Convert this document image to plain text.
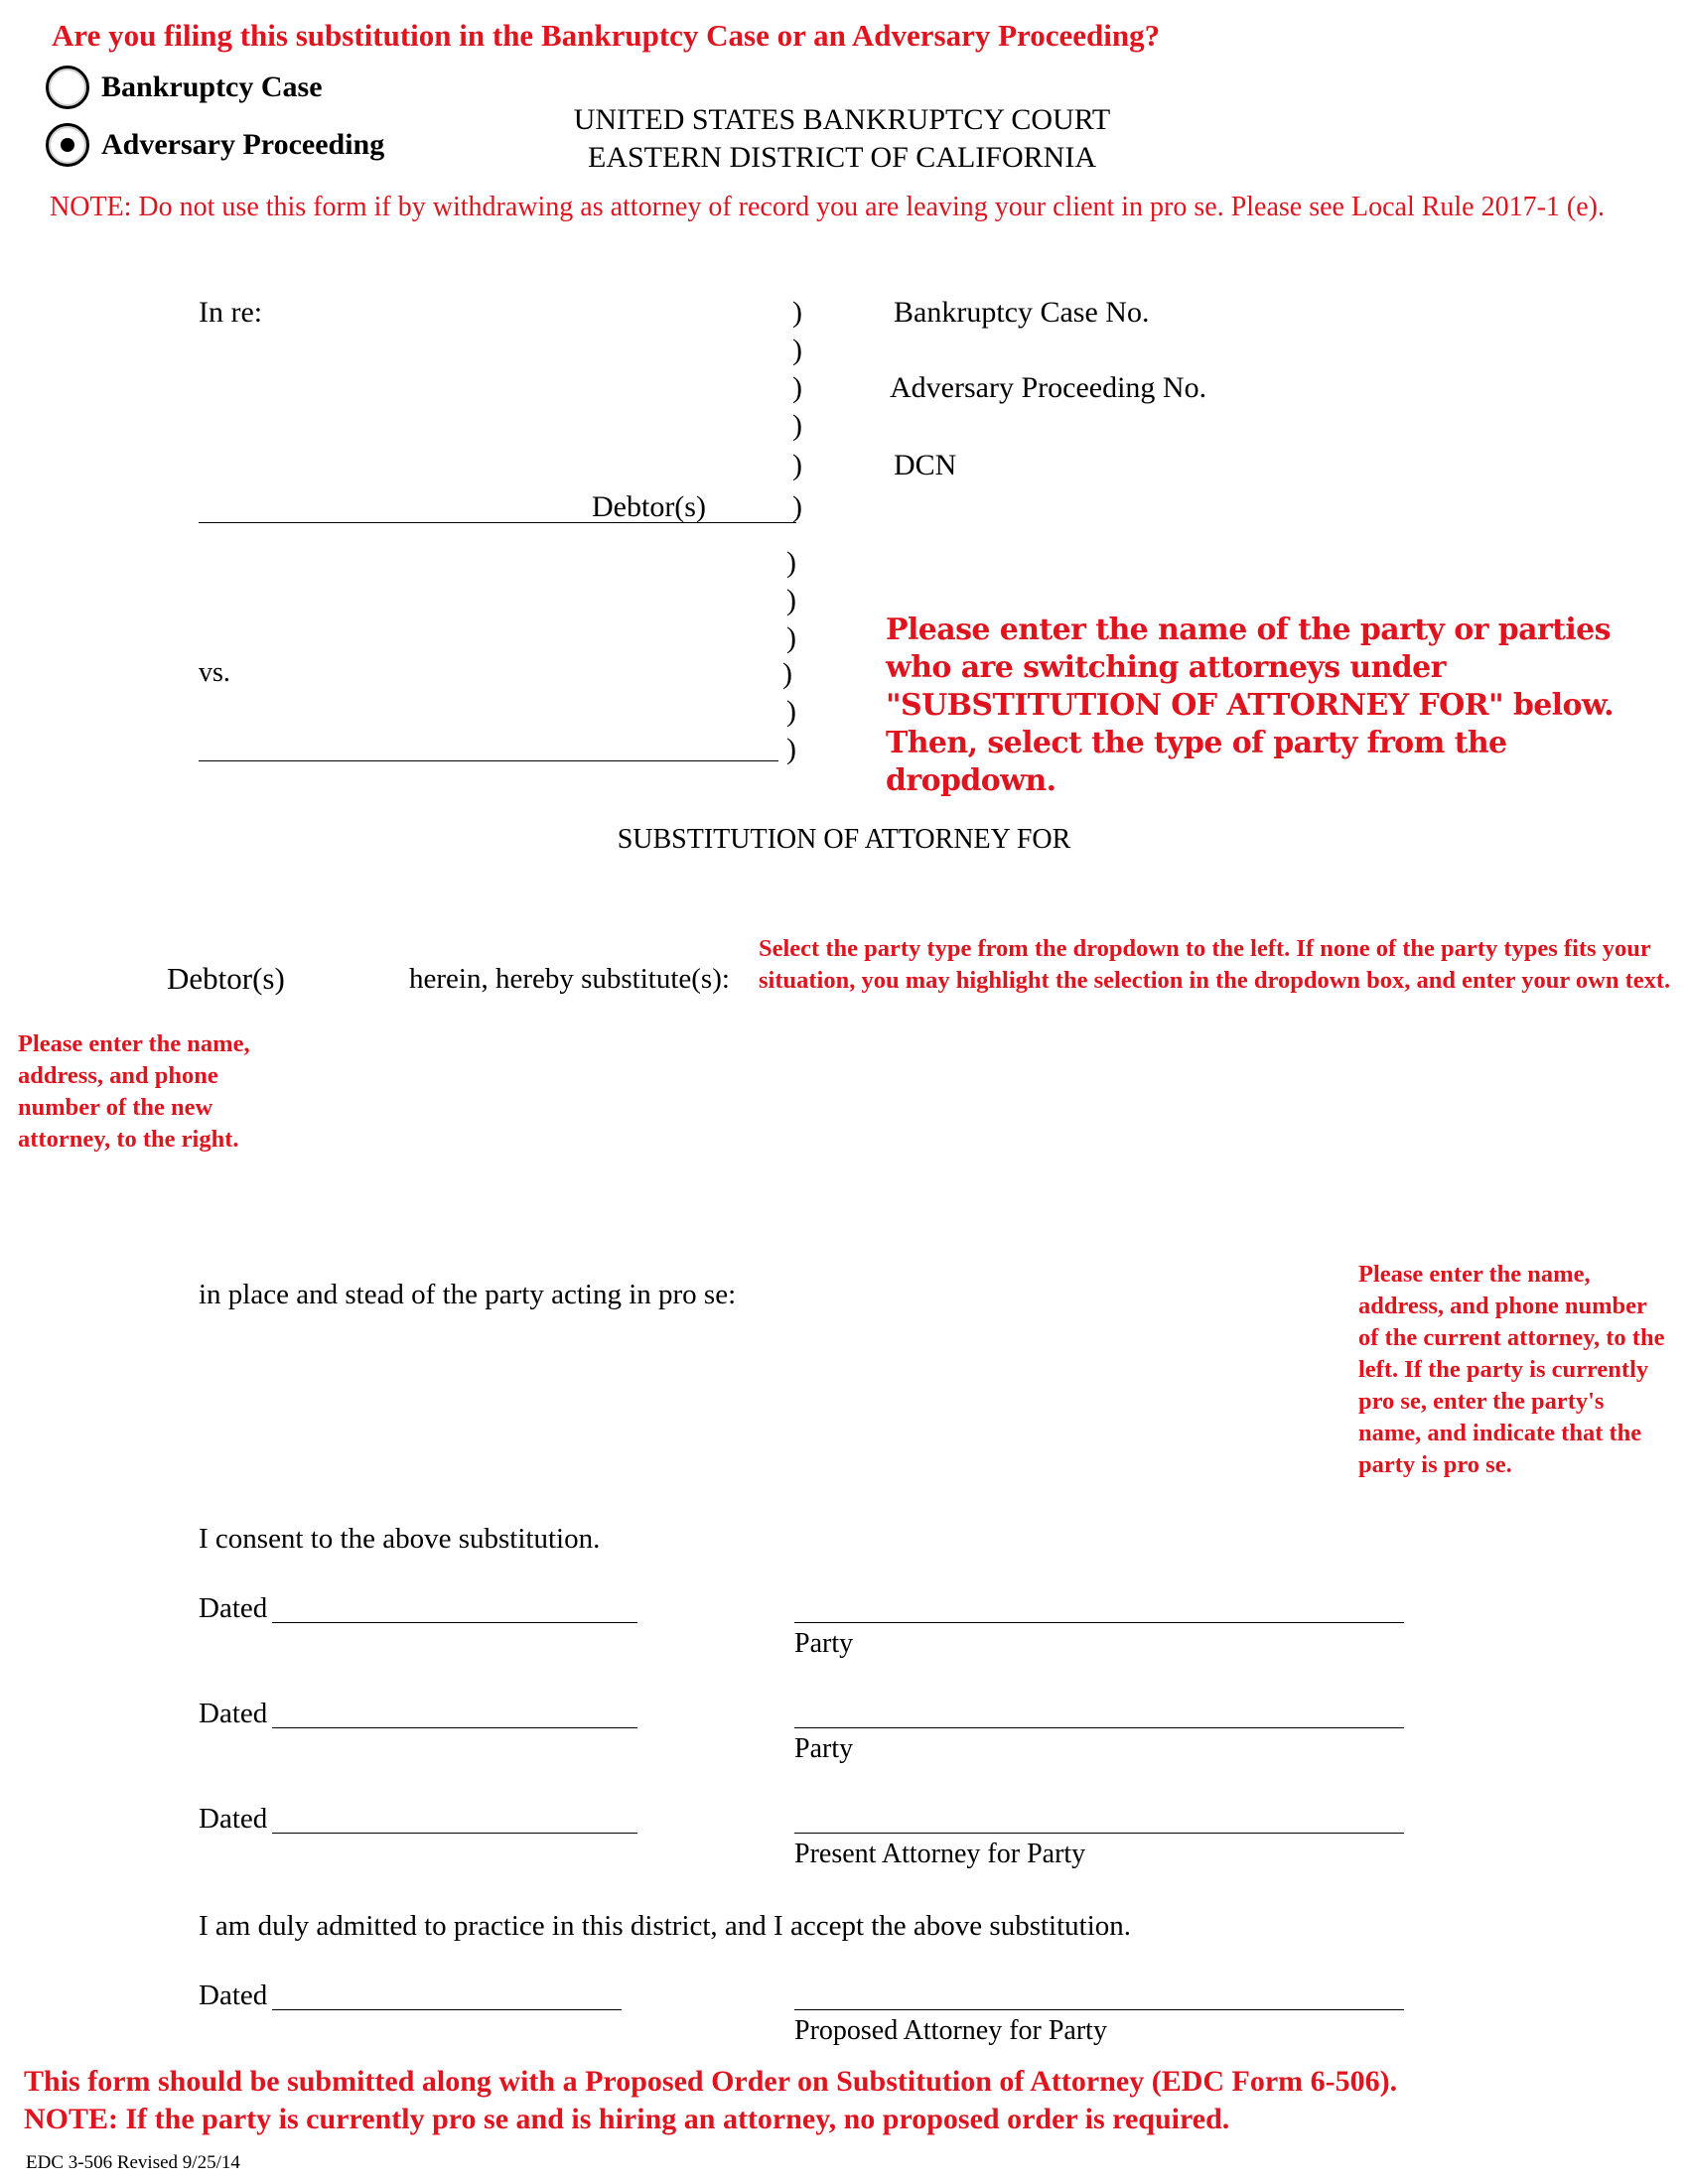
Are you filing this substitution in the Bankruptcy Case or an Adversary Proceeding?
Bankruptcy Case
Adversary Proceeding
UNITED STATES BANKRUPTCY COURT
EASTERN DISTRICT OF CALIFORNIA
NOTE: Do not use this form if by withdrawing as attorney of record you are leaving your client in pro se. Please see Local Rule 2017-1 (e).
In re:
Debtor(s)
vs.
)
)
)
)
)
)
)
)
)
)
)
)
Bankruptcy Case No.
Adversary Proceeding No.
DCN
Please enter the name of the party or parties who are switching attorneys under "SUBSTITUTION OF ATTORNEY FOR" below. Then, select the type of party from the dropdown.
SUBSTITUTION OF ATTORNEY FOR
Debtor(s)	herein, hereby substitute(s):
Select the party type from the dropdown to the left. If none of the party types fits your situation, you may highlight the selection in the dropdown box, and enter your own text.
Please enter the name, address, and phone number of the new attorney, to the right.
in place and stead of the party acting in pro se:
Please enter the name, address, and phone number of the current attorney, to the left. If the party is currently pro se, enter the party's name, and indicate that the party is pro se.
I consent to the above substitution.
Dated
Party
Dated
Party
Dated
Present Attorney for Party
I am duly admitted to practice in this district, and I accept the above substitution.
Dated
Proposed Attorney for Party
This form should be submitted along with a Proposed Order on Substitution of Attorney (EDC Form 6-506).
NOTE: If the party is currently pro se and is hiring an attorney, no proposed order is required.
EDC 3-506 Revised 9/25/14
